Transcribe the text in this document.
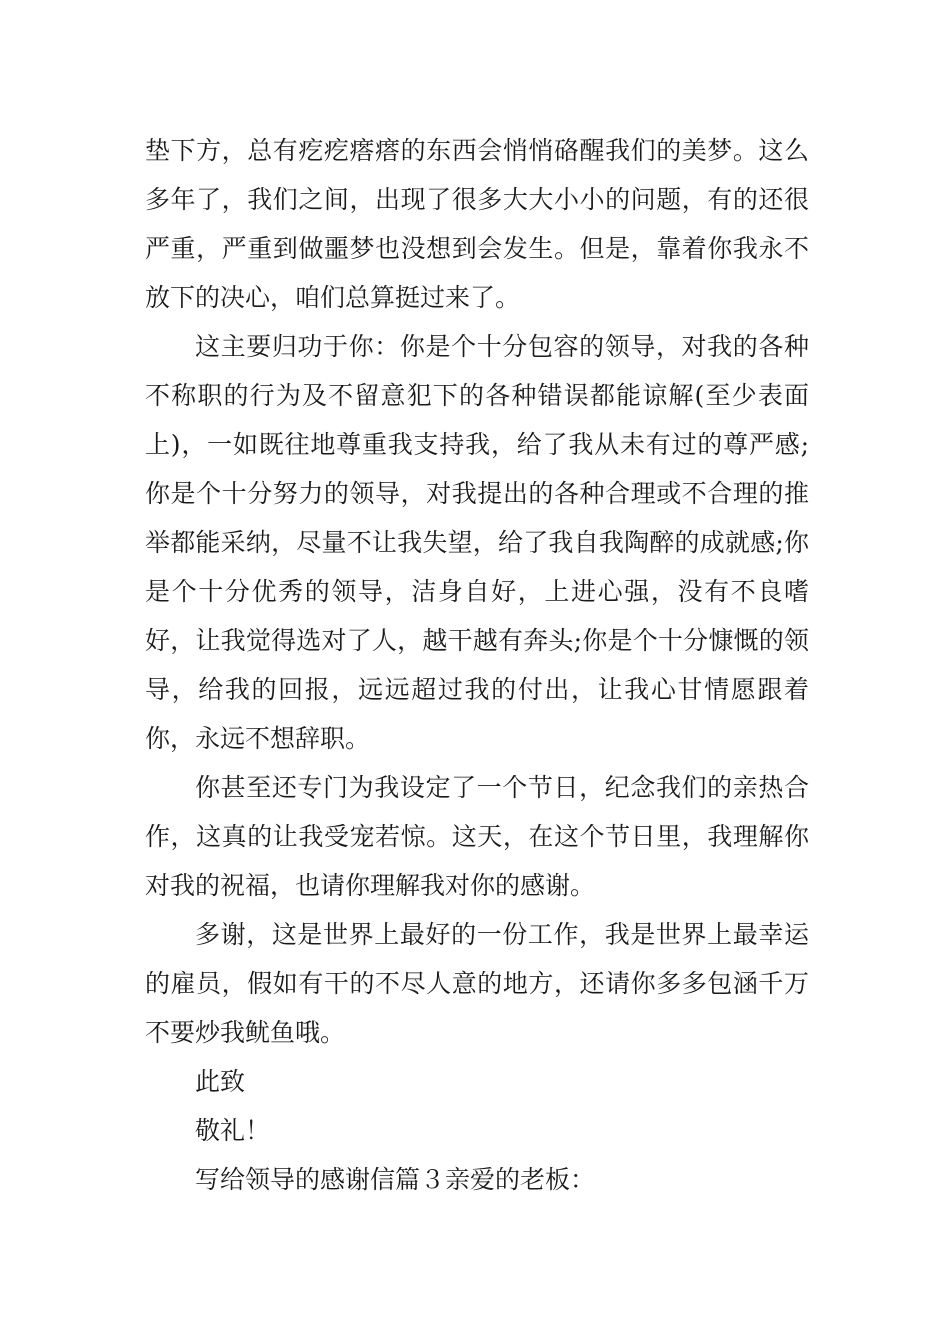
垫下方，总有疙疙瘩瘩的东西会悄悄硌醒我们的美梦。这么多年了，我们之间，出现了很多大大小小的问题，有的还很严重，严重到做噩梦也没想到会发生。但是，靠着你我永不放下的决心，咱们总算挺过来了。

这主要归功于你：你是个十分包容的领导，对我的各种不称职的行为及不留意犯下的各种错误都能谅解(至少表面上)，一如既往地尊重我支持我，给了我从未有过的尊严感;你是个十分努力的领导，对我提出的各种合理或不合理的推举都能采纳，尽量不让我失望，给了我自我陶醉的成就感;你是个十分优秀的领导，洁身自好，上进心强，没有不良嗜好，让我觉得选对了人，越干越有奔头;你是个十分慷慨的领导，给我的回报，远远超过我的付出，让我心甘情愿跟着你，永远不想辞职。

你甚至还专门为我设定了一个节日，纪念我们的亲热合作，这真的让我受宠若惊。这天，在这个节日里，我理解你对我的祝福，也请你理解我对你的感谢。

多谢，这是世界上最好的一份工作，我是世界上最幸运的雇员，假如有干的不尽人意的地方，还请你多多包涵千万不要炒我鱿鱼哦。

此致

敬礼！

写给领导的感谢信篇３亲爱的老板：
